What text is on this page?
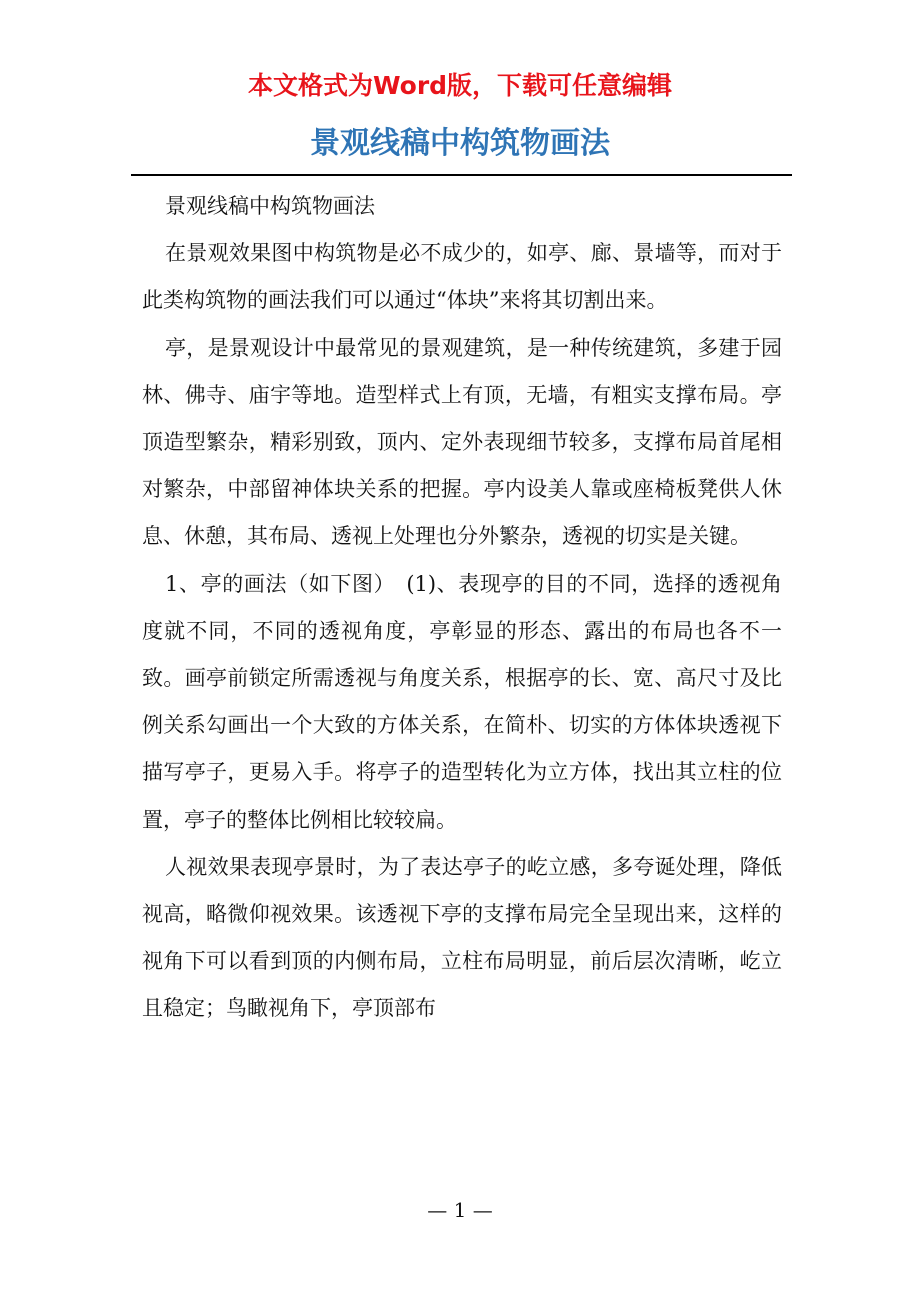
本文格式为Word版，下载可任意编辑
景观线稿中构筑物画法

景观线稿中构筑物画法

在景观效果图中构筑物是必不成少的，如亭、廊、景墙等，而对于此类构筑物的画法我们可以通过“体块”来将其切割出来。

亭，是景观设计中最常见的景观建筑，是一种传统建筑，多建于园林、佛寺、庙宇等地。造型样式上有顶，无墙，有粗实支撑布局。亭顶造型繁杂，精彩别致，顶内、定外表现细节较多，支撑布局首尾相对繁杂，中部留神体块关系的把握。亭内设美人靠或座椅板凳供人休息、休憩，其布局、透视上处理也分外繁杂，透视的切实是关键。

1、亭的画法（如下图）　(1)、表现亭的目的不同，选择的透视角度就不同，不同的透视角度，亭彰显的形态、露出的布局也各不一致。画亭前锁定所需透视与角度关系，根据亭的长、宽、高尺寸及比例关系勾画出一个大致的方体关系，在简朴、切实的方体体块透视下描写亭子，更易入手。将亭子的造型转化为立方体，找出其立柱的位置，亭子的整体比例相比较较扁。

人视效果表现亭景时，为了表达亭子的屹立感，多夸诞处理，降低视高，略微仰视效果。该透视下亭的支撑布局完全呈现出来，这样的视角下可以看到顶的内侧布局，立柱布局明显，前后层次清晰，屹立且稳定；鸟瞰视角下，亭顶部布

— 1 —
